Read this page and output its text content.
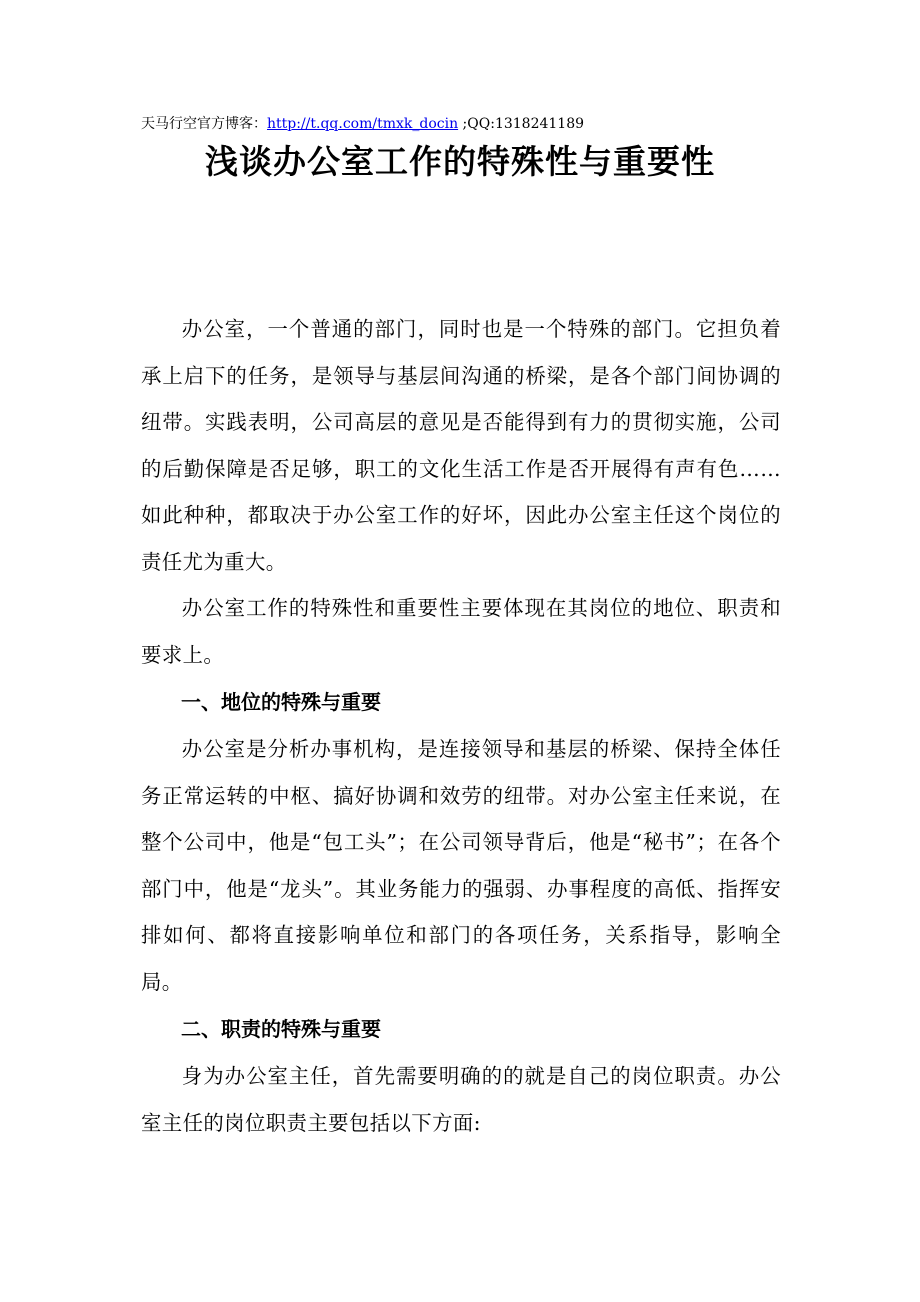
天马行空官方博客：http://t.qq.com/tmxk_docin ;QQ:1318241189
浅谈办公室工作的特殊性与重要性

办公室，一个普通的部门，同时也是一个特殊的部门。它担负着承上启下的任务，是领导与基层间沟通的桥梁，是各个部门间协调的纽带。实践表明，公司高层的意见是否能得到有力的贯彻实施，公司的后勤保障是否足够，职工的文化生活工作是否开展得有声有色……如此种种，都取决于办公室工作的好坏，因此办公室主任这个岗位的责任尤为重大。

办公室工作的特殊性和重要性主要体现在其岗位的地位、职责和要求上。

一、地位的特殊与重要

办公室是分析办事机构，是连接领导和基层的桥梁、保持全体任务正常运转的中枢、搞好协调和效劳的纽带。对办公室主任来说，在整个公司中，他是“包工头”；在公司领导背后，他是“秘书”；在各个部门中，他是“龙头”。其业务能力的强弱、办事程度的高低、指挥安排如何、都将直接影响单位和部门的各项任务，关系指导，影响全局。

二、职责的特殊与重要

身为办公室主任，首先需要明确的的就是自己的岗位职责。办公室主任的岗位职责主要包括以下方面:
